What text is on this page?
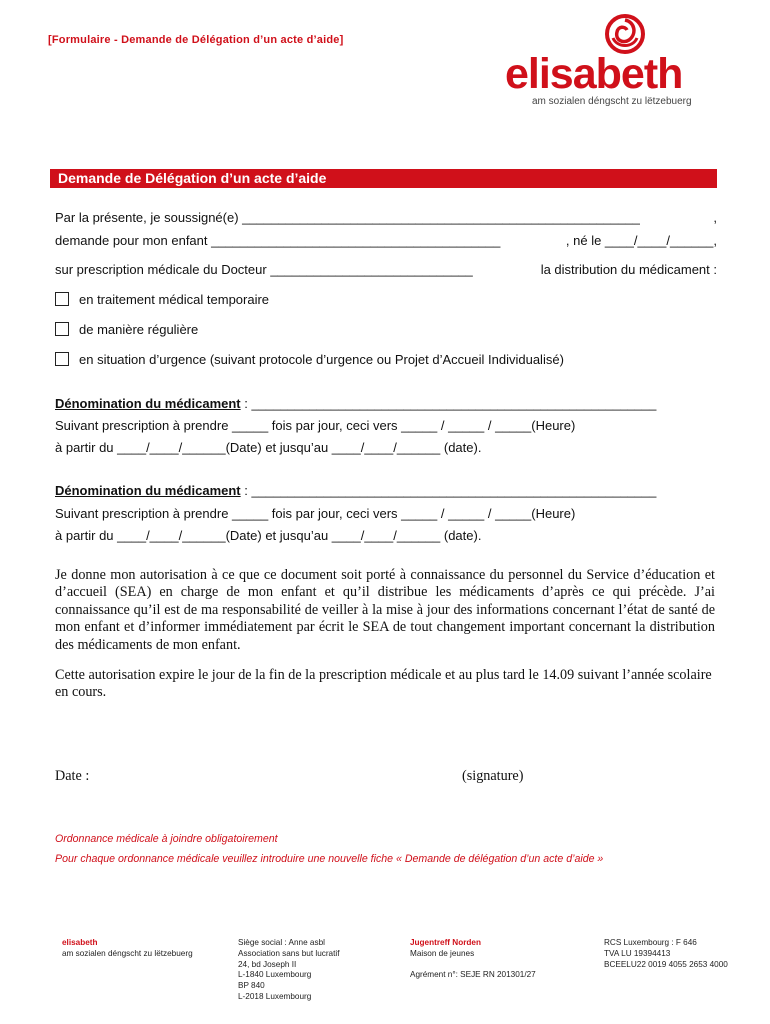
[Formulaire - Demande de Délégation d’un acte d’aide]
elisabeth
am sozialen déngscht zu lëtzebuerg
Demande de Délégation d’un acte d’aide
Par la présente, je soussigné(e) _______________________________________________________	,
demande pour mon enfant ________________________________________	, né le ____/____/______,
sur prescription médicale du Docteur ____________________________	la distribution du médicament :
en traitement médical temporaire
de manière régulière
en situation d’urgence (suivant protocole d’urgence ou Projet d’Accueil Individualisé)
Dénomination du médicament : ________________________________________________________
Suivant prescription à prendre _____ fois par jour, ceci vers _____ / _____ / _____(Heure)
à partir du ____/____/______(Date) et jusqu’au ____/____/______ (date).
Dénomination du médicament : ________________________________________________________
Suivant prescription à prendre _____ fois par jour, ceci vers _____ / _____ / _____(Heure)
à partir du ____/____/______(Date) et jusqu’au ____/____/______ (date).
Je donne mon autorisation à ce que ce document soit porté à connaissance du personnel du Service d’éducation et d’accueil (SEA) en charge de mon enfant et qu’il distribue les médicaments d’après ce qui précède. J’ai connaissance qu’il est de ma responsabilité de veiller à la mise à jour des informations concernant l’état de santé de mon enfant et d’informer immédiatement par écrit le SEA de tout changement important concernant la distribution des médicaments de mon enfant.
Cette autorisation expire le jour de la fin de la prescription médicale et au plus tard le 14.09 suivant l’année scolaire en cours.
Date :	(signature)
Ordonnance médicale à joindre obligatoirement
Pour chaque ordonnance médicale veuillez introduire une nouvelle fiche « Demande de délégation d’un acte d’aide »
elisabeth
am sozialen déngscht zu lëtzebuerg
Siège social : Anne asbl
Association sans but lucratif
24, bd Joseph II
L-1840 Luxembourg
BP 840
L-2018 Luxembourg
Jugentreff Norden
Maison de jeunes

Agrément n°: SEJE RN 201301/27
RCS Luxembourg : F 646
TVA LU 19394413
BCEELU22 0019 4055 2653 4000
